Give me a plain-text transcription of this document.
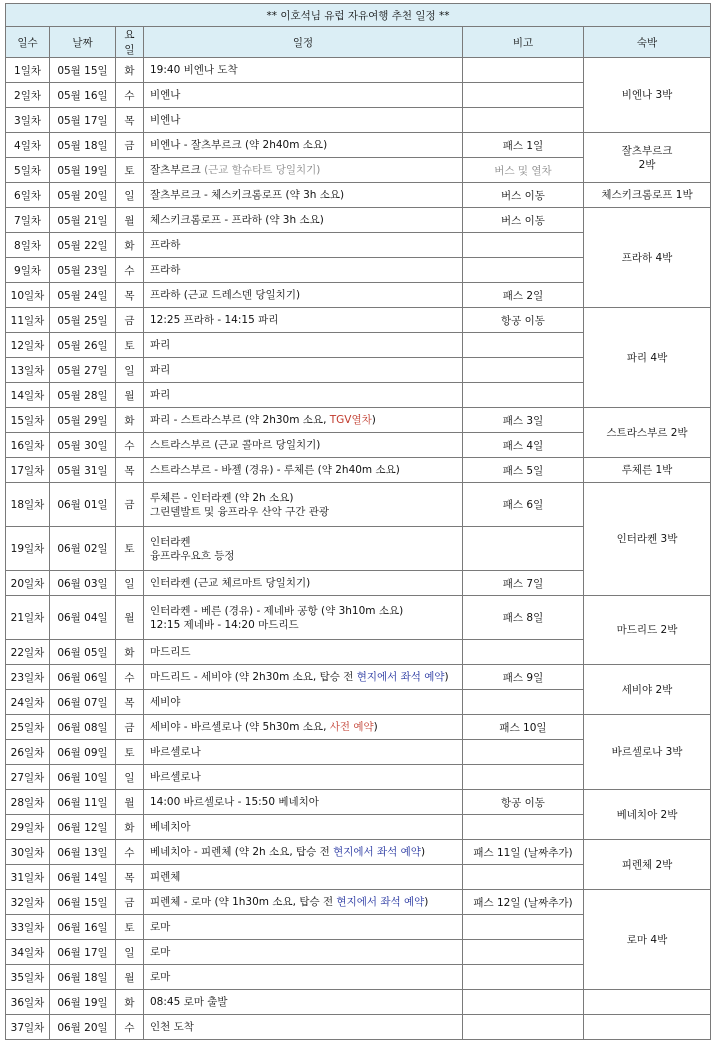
** 이호석님 유럽 자유여행 추천 일정 **					
일수	날짜	요일	일정	비고	숙박
1일차	05월 15일	화	19:40 비엔나 도착		비엔나 3박

2일차	05월 16일	수	비엔나		

3일차	05월 17일	목	비엔나		

4일차	05월 18일	금	비엔나 - 잘츠부르크 (약 2h40m 소요)	패스 1일	잘츠부르크
2박

5일차	05월 19일	토	잘츠부르크 (근교 할슈타트 당일치기)	버스 및 열차	
6일차	05월 20일	일	잘츠부르크 - 체스키크롬로프 (약 3h 소요)	버스 이동	체스키크롬로프 1박

7일차	05월 21일	월	체스키크롬로프 - 프라하 (약 3h 소요)	버스 이동	프라하 4박

8일차	05월 22일	화	프라하		

9일차	05월 23일	수	프라하		

10일차	05월 24일	목	프라하 (근교 드레스덴 당일치기)	패스 2일	
11일차	05월 25일	금	12:25 프라하 - 14:15 파리	항공 이동	파리 4박

12일차	05월 26일	토	파리		

13일차	05월 27일	일	파리		

14일차	05월 28일	월	파리		

15일차	05월 29일	화	파리 - 스트라스부르 (약 2h30m 소요, TGV열차)	패스 3일	스트라스부르 2박

16일차	05월 30일	수	스트라스부르 (근교 콜마르 당일치기)	패스 4일	
17일차	05월 31일	목	스트라스부르 - 바젤 (경유) - 루체른 (약 2h40m 소요)	패스 5일	루체른 1박

18일차	06월 01일	금	루체른 - 인터라켄 (약 2h 소요)
그린델발트 및 융프라우 산악 구간 관광	패스 6일	인터라켄 3박

19일차	06월 02일	토	인터라켄
융프라우요흐 등정		

20일차	06월 03일	일	인터라켄 (근교 체르마트 당일치기)	패스 7일	
21일차	06월 04일	월	인터라켄 - 베른 (경유) - 제네바 공항 (약 3h10m 소요)
12:15 제네바 - 14:20 마드리드	패스 8일	마드리드 2박

22일차	06월 05일	화	마드리드		

23일차	06월 06일	수	마드리드 - 세비야 (약 2h30m 소요, 탑승 전 현지에서 좌석 예약)	패스 9일	세비야 2박

24일차	06월 07일	목	세비야		

25일차	06월 08일	금	세비야 - 바르셀로나 (약 5h30m 소요, 사전 예약)	패스 10일	바르셀로나 3박

26일차	06월 09일	토	바르셀로나		

27일차	06월 10일	일	바르셀로나		

28일차	06월 11일	월	14:00 바르셀로나 - 15:50 베네치아	항공 이동	베네치아 2박

29일차	06월 12일	화	베네치아		

30일차	06월 13일	수	베네치아 - 피렌체 (약 2h 소요, 탑승 전 현지에서 좌석 예약)	패스 11일 (날짜추가)	피렌체 2박

31일차	06월 14일	목	피렌체		

32일차	06월 15일	금	피렌체 - 로마 (약 1h30m 소요, 탑승 전 현지에서 좌석 예약)	패스 12일 (날짜추가)	로마 4박

33일차	06월 16일	토	로마		

34일차	06월 17일	일	로마		

35일차	06월 18일	월	로마		

36일차	06월 19일	화	08:45 로마 출발		

37일차	06월 20일	수	인천 도착		
